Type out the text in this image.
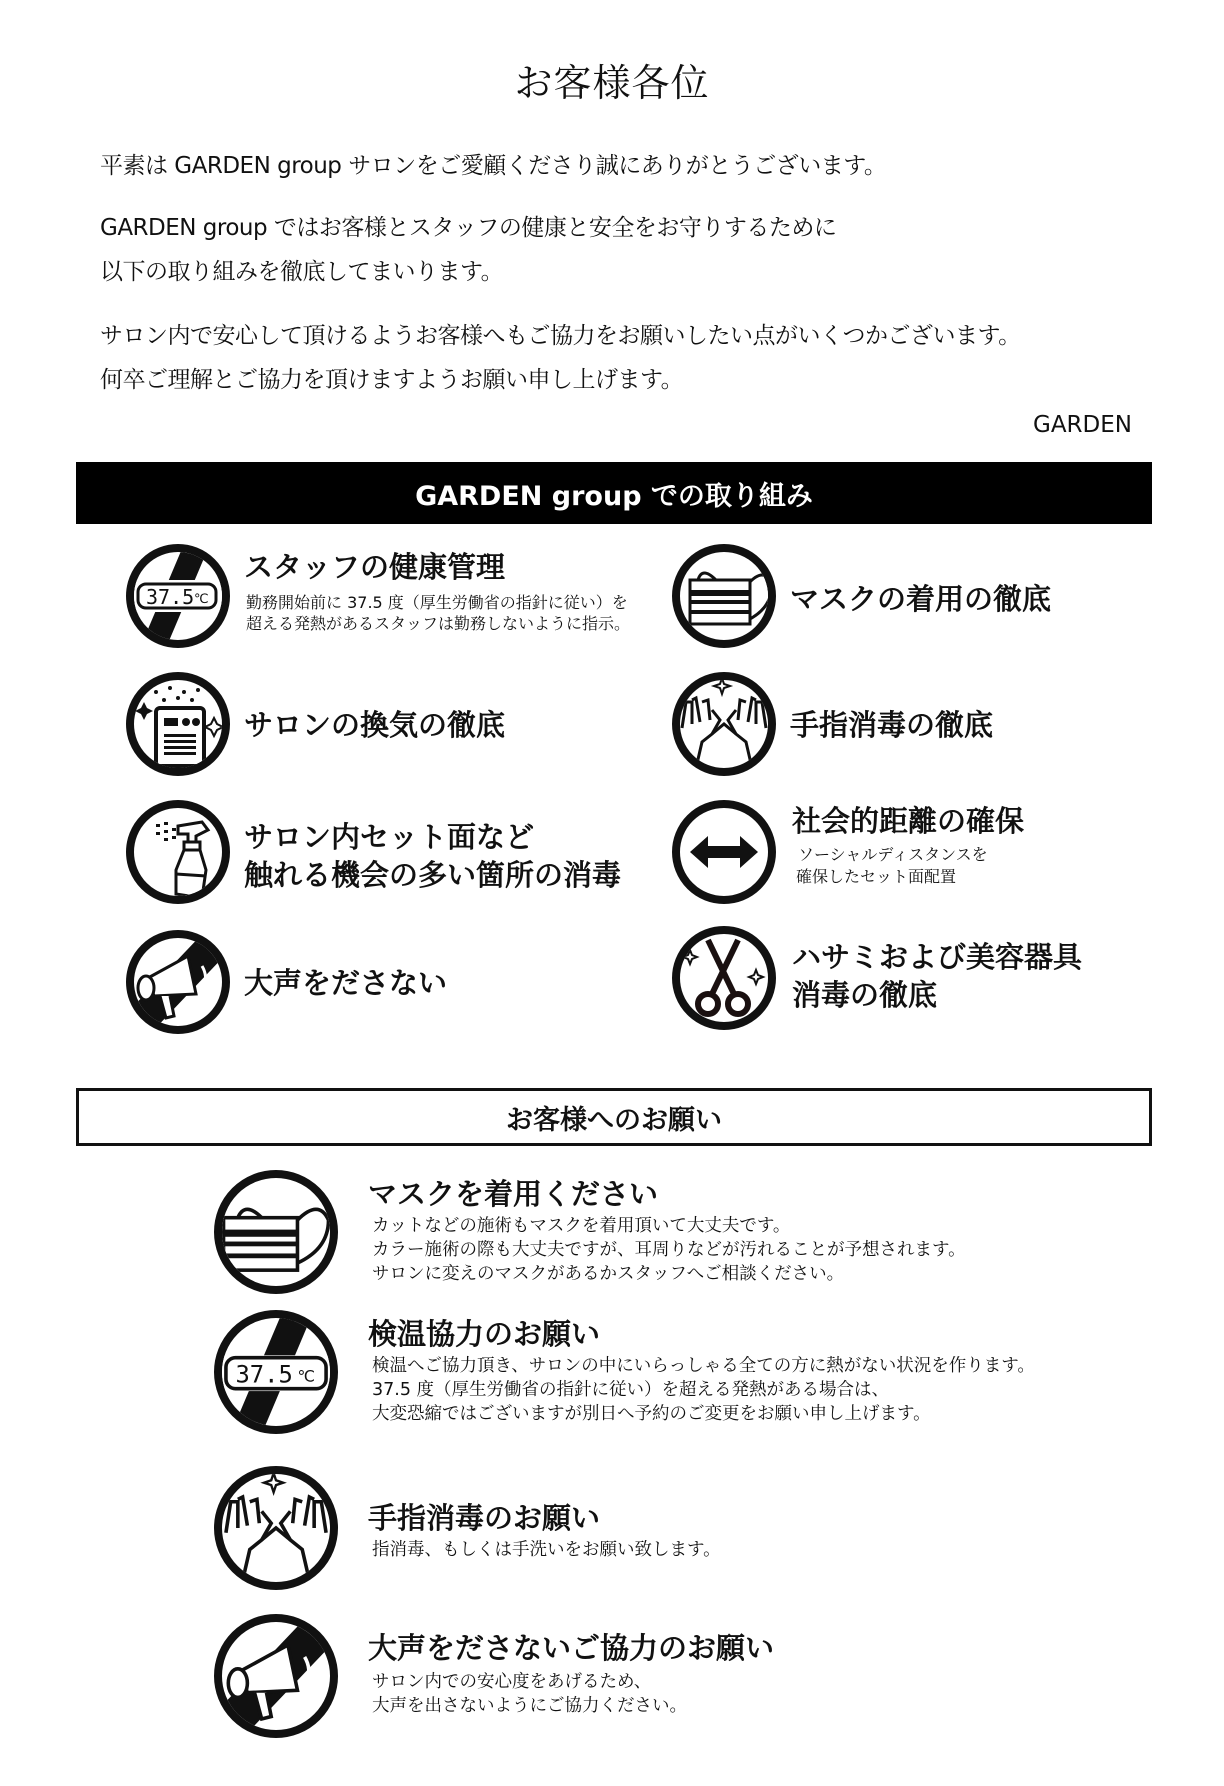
お客様各位
平素は GARDEN group サロンをご愛顧くださり誠にありがとうございます。
GARDEN group ではお客様とスタッフの健康と安全をお守りするために
以下の取り組みを徹底してまいります。
サロン内で安心して頂けるようお客様へもご協力をお願いしたい点がいくつかございます。
何卒ご理解とご協力を頂けますようお願い申し上げます。
GARDEN
GARDEN group での取り組み
37.5 ℃
スタッフの健康管理
勤務開始前に 37.5 度（厚生労働省の指針に従い）を
超える発熱があるスタッフは勤務しないように指示。
マスクの着用の徹底
サロンの換気の徹底	手指消毒の徹底
サロン内セット面など
触れる機会の多い箇所の消毒
社会的距離の確保
ソーシャルディスタンスを
確保したセット面配置
大声をださない
ハサミおよび美容器具
消毒の徹底
お客様へのお願い
マスクを着用ください
カットなどの施術もマスクを着用頂いて大丈夫です。
カラー施術の際も大丈夫ですが、耳周りなどが汚れることが予想されます。
サロンに変えのマスクがあるかスタッフへご相談ください。
37.5 ℃
検温協力のお願い
検温へご協力頂き、サロンの中にいらっしゃる全ての方に熱がない状況を作ります。
37.5 度（厚生労働省の指針に従い）を超える発熱がある場合は、
大変恐縮ではございますが別日へ予約のご変更をお願い申し上げます。
手指消毒のお願い
指消毒、もしくは手洗いをお願い致します。
大声をださないご協力のお願い
サロン内での安心度をあげるため、
大声を出さないようにご協力ください。
